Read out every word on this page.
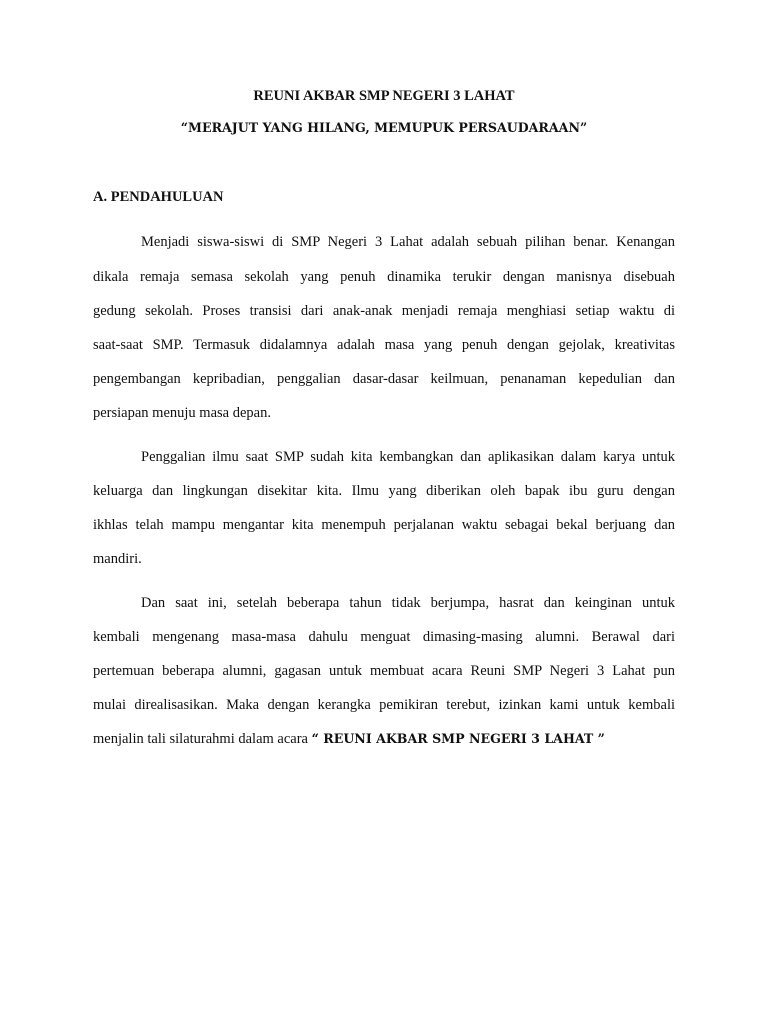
REUNI AKBAR SMP NEGERI 3 LAHAT
“MERAJUT YANG HILANG, MEMUPUK PERSAUDARAAN”
A. PENDAHULUAN

Menjadi siswa-siswi di SMP Negeri 3 Lahat adalah sebuah pilihan benar. Kenangan

dikala remaja semasa sekolah yang penuh dinamika terukir dengan manisnya disebuah

gedung sekolah. Proses transisi dari anak-anak menjadi remaja menghiasi setiap waktu di

saat-saat SMP. Termasuk didalamnya adalah masa yang penuh dengan gejolak, kreativitas

pengembangan kepribadian, penggalian dasar-dasar keilmuan, penanaman kepedulian dan

persiapan menuju masa depan.

Penggalian ilmu saat SMP sudah kita kembangkan dan aplikasikan dalam karya untuk

keluarga dan lingkungan disekitar kita. Ilmu yang diberikan oleh bapak ibu guru dengan

ikhlas telah mampu mengantar kita menempuh perjalanan waktu sebagai bekal berjuang dan

mandiri.

Dan saat ini, setelah beberapa tahun tidak berjumpa, hasrat dan keinginan untuk

kembali mengenang masa-masa dahulu menguat dimasing-masing alumni. Berawal dari

pertemuan beberapa alumni, gagasan untuk membuat acara Reuni SMP Negeri 3 Lahat pun

mulai direalisasikan. Maka dengan kerangka pemikiran terebut, izinkan kami untuk kembali

menjalin tali silaturahmi dalam acara “ REUNI AKBAR SMP NEGERI 3 LAHAT ”
